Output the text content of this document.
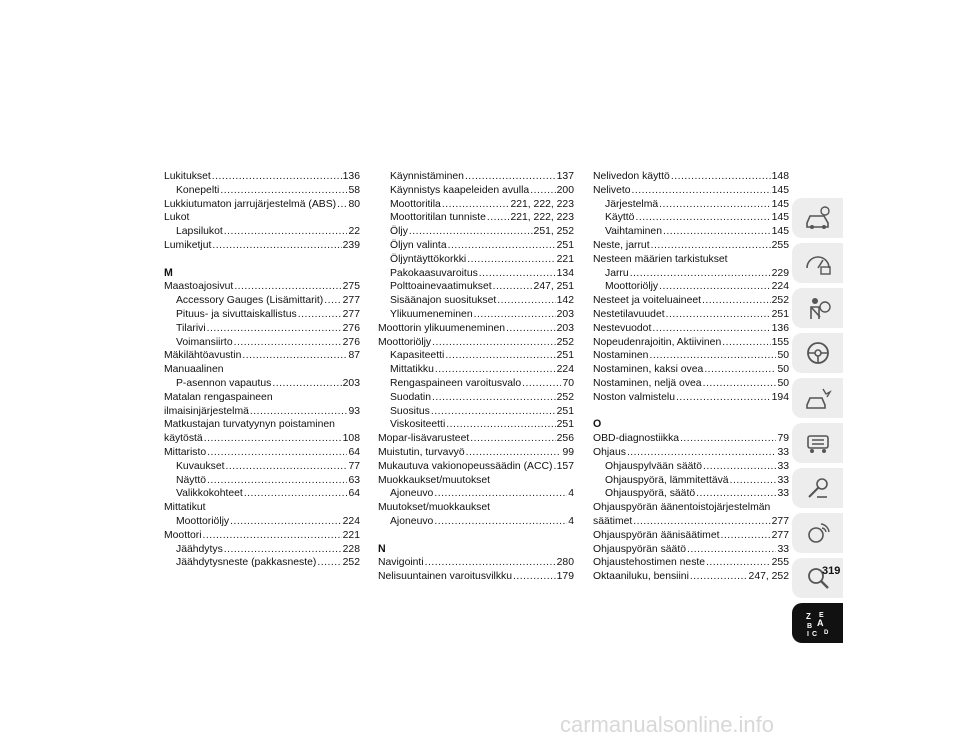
Lukitukset . . .	136
Konepelti . . .	58
Lukkiutumaton jarrujärjestelmä (ABS) . . . 80
Lukot
Lapsilukot . . .	22
Lumiketjut . . .	239
M
Maastoajosivut . . .	275
Accessory Gauges (Lisämittarit) . . . 277
Pituus- ja sivuttaiskallistus . . .	277
Tilarivi . . .	276
Voimansiirto . . .	276
Mäkilähtöavustin . . .	87
Manuaalinen
P-asennon vapautus . . .	203
Matalan rengaspaineen
ilmaisinjärjestelmä . . .	93
Matkustajan turvatyynyn poistaminen
käytöstä . . .	108
Mittaristo . . .	64
Kuvaukset . . .	77
Näyttö . . .	63
Valikkokohteet . . .	64
Mittatikut
Moottoriöljy . . .	224
Moottori . . .	221
Jäähdytys . . .	228
Jäähdytysneste (pakkasneste) . . .	252
Käynnistäminen . . .	137
Käynnistys kaapeleiden avulla . . .	200
Moottoritila . . .	221, 222, 223
Moottoritilan tunniste . . . 221, 222, 223
Öljy . . .	251, 252
Öljyn valinta . . .	251
Öljyntäyttökorkki . . .	221
Pakokaasuvaroitus . . .	134
Polttoainevaatimukset . . .	247, 251
Sisäänajon suositukset . . .	142
Ylikuumeneminen . . .	203
Moottorin ylikuumeneminen . . .	203
Moottoriöljy . . .	252
Kapasiteetti . . .	251
Mittatikku . . .	224
Rengaspaineen varoitusvalo . . .	70
Suodatin . . .	252
Suositus . . .	251
Viskositeetti . . .	251
Mopar-lisävarusteet . . .	256
Muistutin, turvavyö . . .	99
Mukautuva vakionopeussäädin (ACC) . . . 157
Muokkaukset/muutokset
Ajoneuvo . . .	4
Muutokset/muokkaukset
Ajoneuvo . . .	4
N
Navigointi . . .	280
Nelisuuntainen varoitusvilkku . . .	179
Nelivedon käyttö . . .	148
Neliveto . . .	145
Järjestelmä . . .	145
Käyttö . . .	145
Vaihtaminen . . .	145
Neste, jarrut . . .	255
Nesteen määrien tarkistukset
Jarru . . .	229
Moottoriöljy . . .	224
Nesteet ja voiteluaineet . . .	252
Nestetilavuudet . . .	251
Nestevuodot . . .	136
Nopeudenrajoitin, Aktiivinen . . .	155
Nostaminen . . .	50
Nostaminen, kaksi ovea . . .	50
Nostaminen, neljä ovea . . .	50
Noston valmistelu . . .	194
O
OBD-diagnostiikka . . .	79
Ohjaus . . .	33
Ohjauspylvään säätö . . .	33
Ohjauspyörä, lämmitettävä . . .	33
Ohjauspyörä, säätö . . .	33
Ohjauspyörän äänentoistojärjestelmän
säätimet . . .	277
Ohjauspyörän äänisäätimet . . .	277
Ohjauspyörän säätö . . .	33
Ohjaustehostimen neste . . .	255
Oktaaniluku, bensiini . . .	247, 252
Z E
B A
I C D
319
carmanualsonline.info
